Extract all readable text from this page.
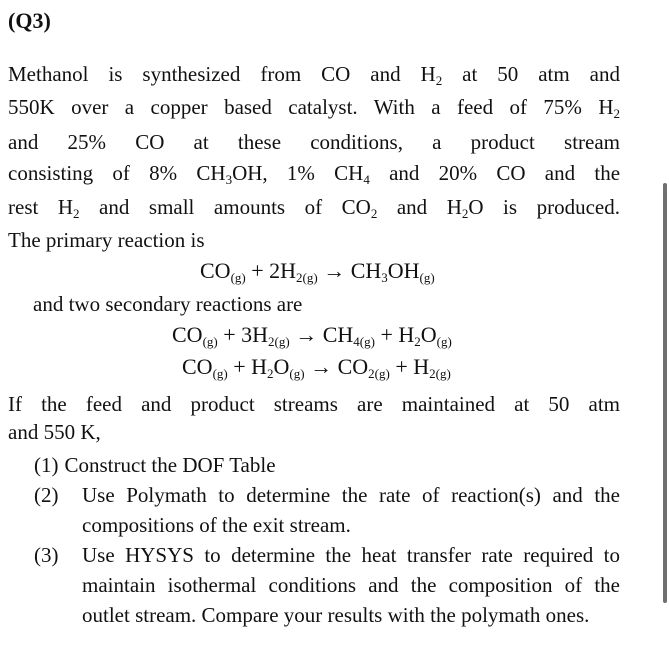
(Q3)
Methanol is synthesized from CO and $H_2$ at 50 atm and
550K over a copper based catalyst. With a feed of 75% $H_2$
and 25% CO at these conditions, a product stream
consisting of 8% $CH_3OH$, 1% $CH_4$ and 20% CO and the
rest $H_2$ and small amounts of $CO_2$ and $H_2O$ is produced.
The primary reaction is
$CO_{(g)} + 2H_{2(g)} \to CH_3OH_{(g)}$
and two secondary reactions are
$CO_{(g)} + 3H_{2(g)} \to CH_{4(g)} + H_2O_{(g)}$
$CO_{(g)} + H_2O_{(g)} \to CO_{2(g)} + H_{2(g)}$
If the feed and product streams are maintained at 50 atm
and 550 K,
(1) Construct the DOF Table
(2)	Use Polymath to determine the rate of reaction(s) and the compositions of the exit stream.
(3)	Use HYSYS to determine the heat transfer rate required to maintain isothermal conditions and the composition of the outlet stream. Compare your results with the polymath ones.
